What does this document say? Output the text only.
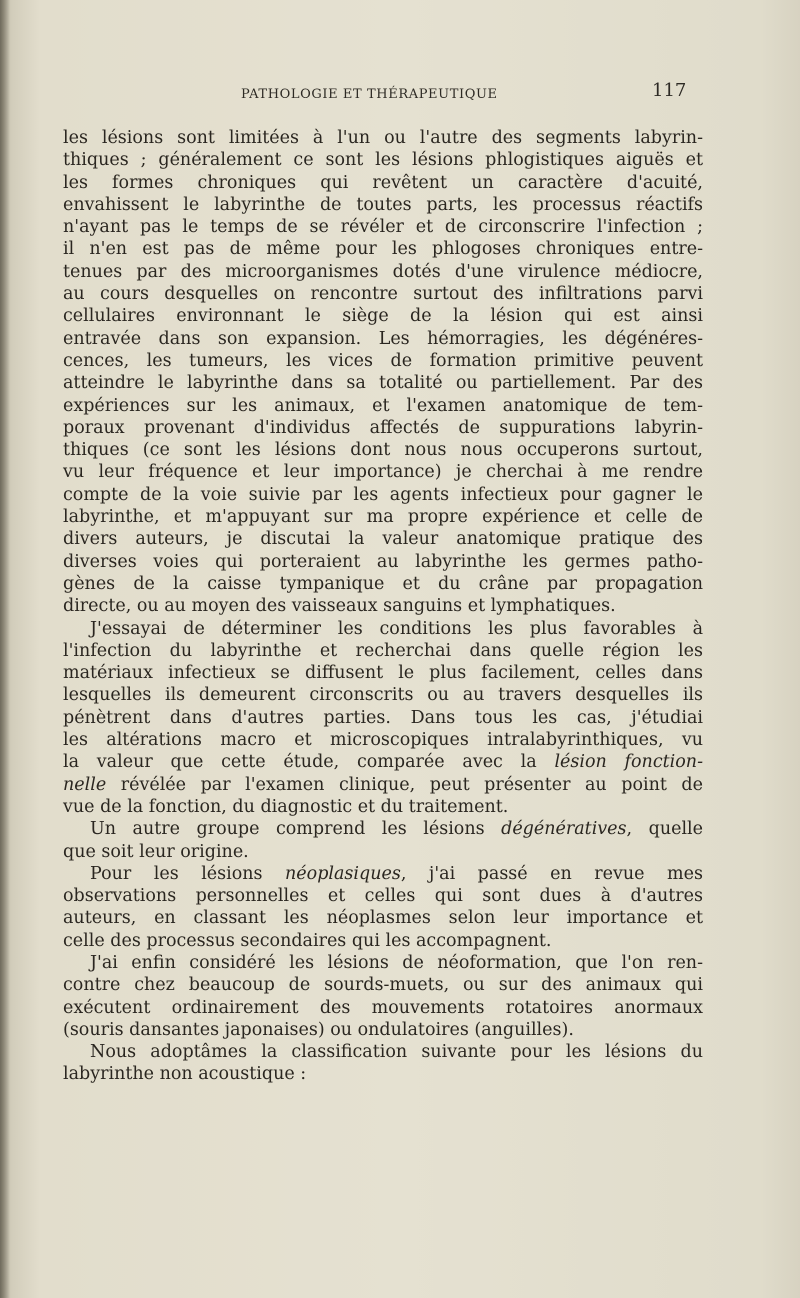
PATHOLOGIE ET THÉRAPEUTIQUE	117
les lésions sont limitées à l'un ou l'autre des segments labyrin-
thiques ; généralement ce sont les lésions phlogistiques aiguës et
les formes chroniques qui revêtent un caractère d'acuité,
envahissent le labyrinthe de toutes parts, les processus réactifs
n'ayant pas le temps de se révéler et de circonscrire l'infection ;
il n'en est pas de même pour les phlogoses chroniques entre-
tenues par des microorganismes dotés d'une virulence médiocre,
au cours desquelles on rencontre surtout des infiltrations parvi
cellulaires environnant le siège de la lésion qui est ainsi
entravée dans son expansion. Les hémorragies, les dégénéres-
cences, les tumeurs, les vices de formation primitive peuvent
atteindre le labyrinthe dans sa totalité ou partiellement. Par des
expériences sur les animaux, et l'examen anatomique de tem-
poraux provenant d'individus affectés de suppurations labyrin-
thiques (ce sont les lésions dont nous nous occuperons surtout,
vu leur fréquence et leur importance) je cherchai à me rendre
compte de la voie suivie par les agents infectieux pour gagner le
labyrinthe, et m'appuyant sur ma propre expérience et celle de
divers auteurs, je discutai la valeur anatomique pratique des
diverses voies qui porteraient au labyrinthe les germes patho-
gènes de la caisse tympanique et du crâne par propagation
directe, ou au moyen des vaisseaux sanguins et lymphatiques.
J'essayai de déterminer les conditions les plus favorables à
l'infection du labyrinthe et recherchai dans quelle région les
matériaux infectieux se diffusent le plus facilement, celles dans
lesquelles ils demeurent circonscrits ou au travers desquelles ils
pénètrent dans d'autres parties. Dans tous les cas, j'étudiai
les altérations macro et microscopiques intralabyrinthiques, vu
la valeur que cette étude, comparée avec la lésion fonction-
nelle révélée par l'examen clinique, peut présenter au point de
vue de la fonction, du diagnostic et du traitement.
Un autre groupe comprend les lésions dégénératives, quelle
que soit leur origine.
Pour les lésions néoplasiques, j'ai passé en revue mes
observations personnelles et celles qui sont dues à d'autres
auteurs, en classant les néoplasmes selon leur importance et
celle des processus secondaires qui les accompagnent.
J'ai enfin considéré les lésions de néoformation, que l'on ren-
contre chez beaucoup de sourds-muets, ou sur des animaux qui
exécutent ordinairement des mouvements rotatoires anormaux
(souris dansantes japonaises) ou ondulatoires (anguilles).
Nous adoptâmes la classification suivante pour les lésions du
labyrinthe non acoustique :
